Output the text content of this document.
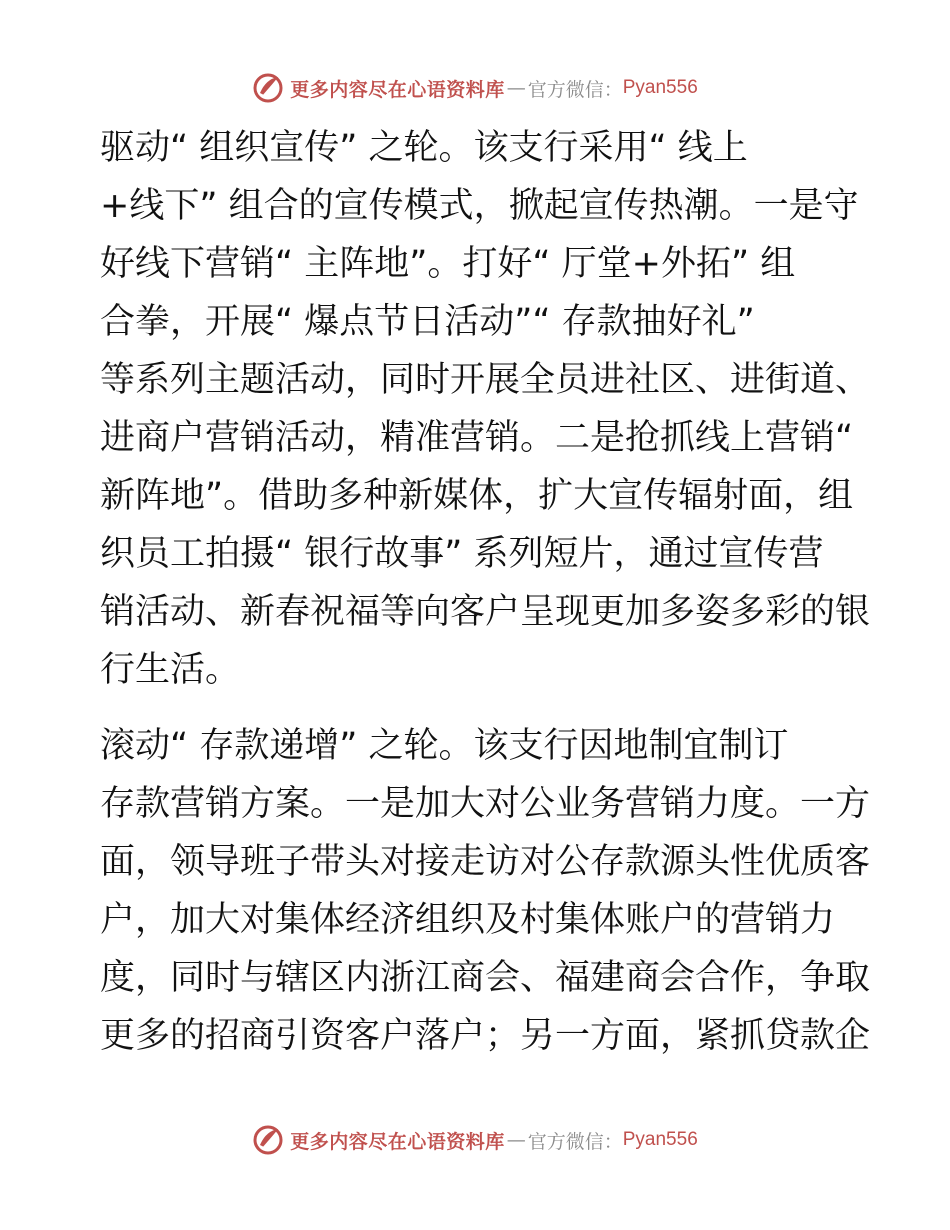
更多内容尽在心语资料库 — 官方微信： Pyan556
驱动“ 组织宣传” 之轮。该支行采用“ 线上
+线下” 组合的宣传模式，掀起宣传热潮。一是守
好线下营销“ 主阵地”。打好“ 厅堂+外拓” 组
合拳，开展“ 爆点节日活动”“ 存款抽好礼”
等系列主题活动，同时开展全员进社区、进街道、
进商户营销活动，精准营销。二是抢抓线上营销“
新阵地”。借助多种新媒体，扩大宣传辐射面，组
织员工拍摄“ 银行故事” 系列短片，通过宣传营
销活动、新春祝福等向客户呈现更加多姿多彩的银
行生活。
滚动“ 存款递增” 之轮。该支行因地制宜制订
存款营销方案。一是加大对公业务营销力度。一方
面，领导班子带头对接走访对公存款源头性优质客
户，加大对集体经济组织及村集体账户的营销力
度，同时与辖区内浙江商会、福建商会合作，争取
更多的招商引资客户落户；另一方面，紧抓贷款企
更多内容尽在心语资料库 — 官方微信： Pyan556
